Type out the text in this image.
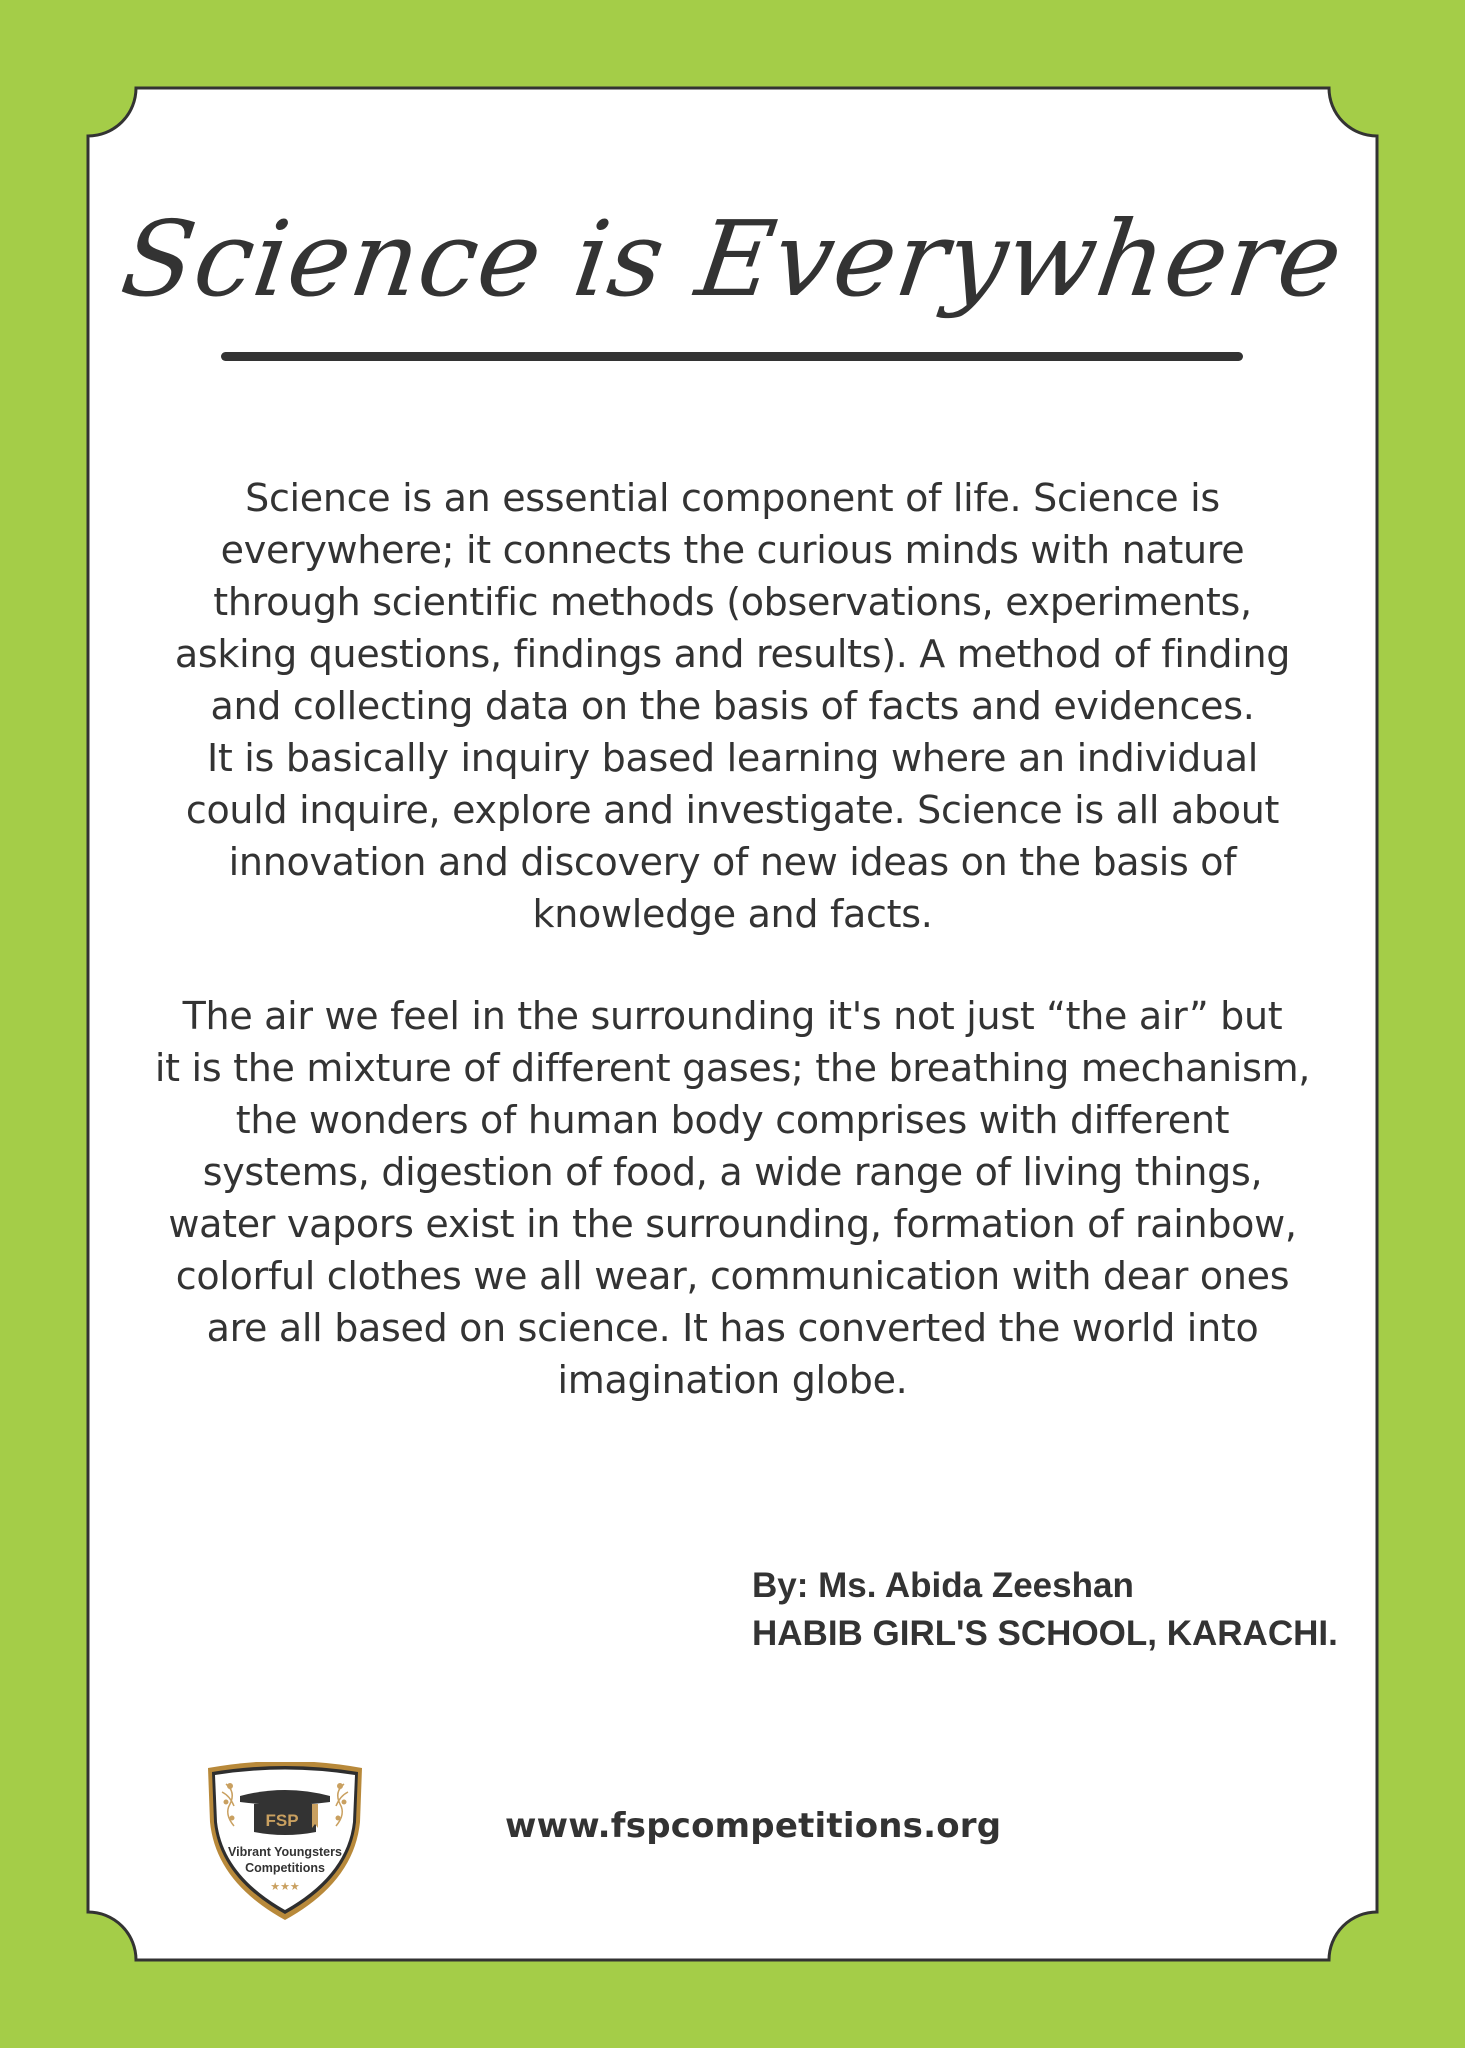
Science is Everywhere
Science is an essential component of life. Science is
everywhere; it connects the curious minds with nature
through scientific methods (observations, experiments,
asking questions, findings and results). A method of finding
and collecting data on the basis of facts and evidences.
It is basically inquiry based learning where an individual
could inquire, explore and investigate. Science is all about
innovation and discovery of new ideas on the basis of
knowledge and facts.
The air we feel in the surrounding it's not just “the air” but
it is the mixture of different gases; the breathing mechanism,
the wonders of human body comprises with different
systems, digestion of food, a wide range of living things,
water vapors exist in the surrounding, formation of rainbow,
colorful clothes we all wear, communication with dear ones
are all based on science. It has converted the world into
imagination globe.
By: Ms. Abida Zeeshan
HABIB GIRL'S SCHOOL, KARACHI.
FSP
Vibrant Youngsters
Competitions
★★★
www.fspcompetitions.org
